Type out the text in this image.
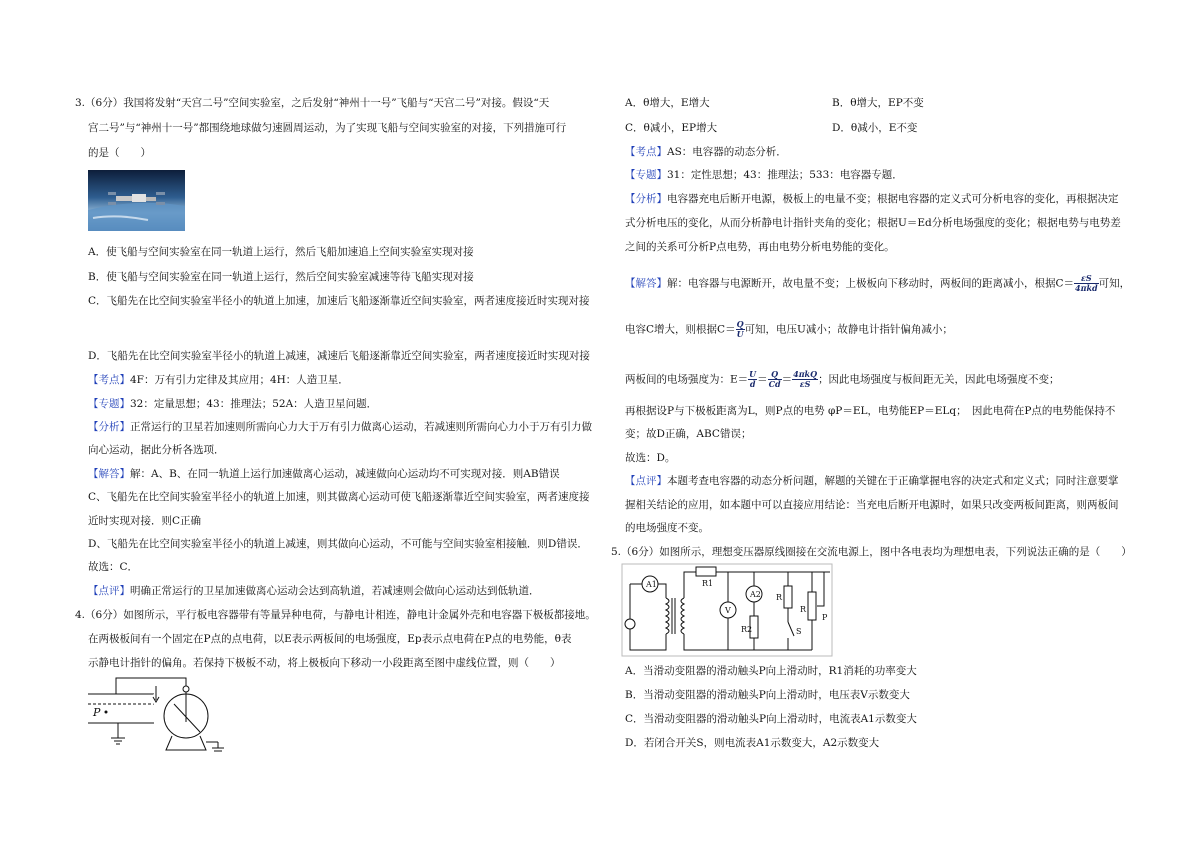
3.（6分）我国将发射“天宫二号”空间实验室，之后发射“神州十一号”飞船与“天宫二号”对接。假设“天
宫二号”与“神州十一号”都围绕地球做匀速圆周运动，为了实现飞船与空间实验室的对接，下列措施可行
的是（　　）
A．使飞船与空间实验室在同一轨道上运行，然后飞船加速追上空间实验室实现对接
B．使飞船与空间实验室在同一轨道上运行，然后空间实验室减速等待飞船实现对接
C．飞船先在比空间实验室半径小的轨道上加速，加速后飞船逐渐靠近空间实验室，两者速度接近时实现对接
D．飞船先在比空间实验室半径小的轨道上减速，减速后飞船逐渐靠近空间实验室，两者速度接近时实现对接
【考点】4F：万有引力定律及其应用；4H：人造卫星．
【专题】32：定量思想；43：推理法；52A：人造卫星问题．
【分析】正常运行的卫星若加速则所需向心力大于万有引力做离心运动，若减速则所需向心力小于万有引力做
向心运动，据此分析各选项．
【解答】解：A、B、在同一轨道上运行加速做离心运动，减速做向心运动均不可实现对接．则AB错误
C、飞船先在比空间实验室半径小的轨道上加速，则其做离心运动可使飞船逐渐靠近空间实验室，两者速度接
近时实现对接．则C正确
D、飞船先在比空间实验室半径小的轨道上减速，则其做向心运动，不可能与空间实验室相接触．则D错误．
故选：C．
【点评】明确正常运行的卫星加速做离心运动会达到高轨道，若减速则会做向心运动达到低轨道．
4.（6分）如图所示，平行板电容器带有等量异种电荷，与静电计相连，静电计金属外壳和电容器下极板都接地。
在两极板间有一个固定在P点的点电荷，以E表示两板间的电场强度，Ep表示点电荷在P点的电势能，θ表
示静电计指针的偏角。若保持下极板不动，将上极板向下移动一小段距离至图中虚线位置，则（　　）
P
A．θ增大，E增大	B．θ增大，EP不变
C．θ减小，EP增大	D．θ减小，E不变
【考点】AS：电容器的动态分析．
【专题】31：定性思想；43：推理法；533：电容器专题．
【分析】电容器充电后断开电源，极板上的电量不变；根据电容器的定义式可分析电容的变化，再根据决定
式分析电压的变化，从而分析静电计指针夹角的变化；根据U＝Ed分析电场强度的变化；根据电势与电势差
之间的关系可分析P点电势，再由电势分析电势能的变化。
【解答】解：电容器与电源断开，故电量不变；上极板向下移动时，两板间的距离减小，根据$C= \frac{\varepsilon S}{\text{4πkd}}$ 可知，
电容C增大，则根据$C= \frac{Q}{U}$ 可知，电压U减小；故静电计指针偏角减小；
两板间的电场强度为：$E= \frac{U}{d} = \frac{Q}{Cd} = \frac{\text{4πkQ}}{\varepsilon S}$ ；因此电场强度与板间距无关，因此电场强度不变；
再根据设P与下极板距离为L，则P点的电势 φP＝EL，电势能EP＝ELq；　因此电荷在P点的电势能保持不
变；故D正确，ABC错误；
故选：D。
【点评】本题考查电容器的动态分析问题，解题的关键在于正确掌握电容的决定式和定义式；同时注意要掌
握相关结论的应用，如本题中可以直接应用结论：当充电后断开电源时，如果只改变两板间距离，则两板间
的电场强度不变。
5.（6分）如图所示，理想变压器原线圈接在交流电源上，图中各电表均为理想电表，下列说法正确的是（　　）
A1	R1
V
A2
R2
R
S
R
P
A．当滑动变阻器的滑动触头P向上滑动时，R1消耗的功率变大
B．当滑动变阻器的滑动触头P向上滑动时，电压表V示数变大
C．当滑动变阻器的滑动触头P向上滑动时，电流表A1示数变大
D．若闭合开关S，则电流表A1示数变大，A2示数变大
